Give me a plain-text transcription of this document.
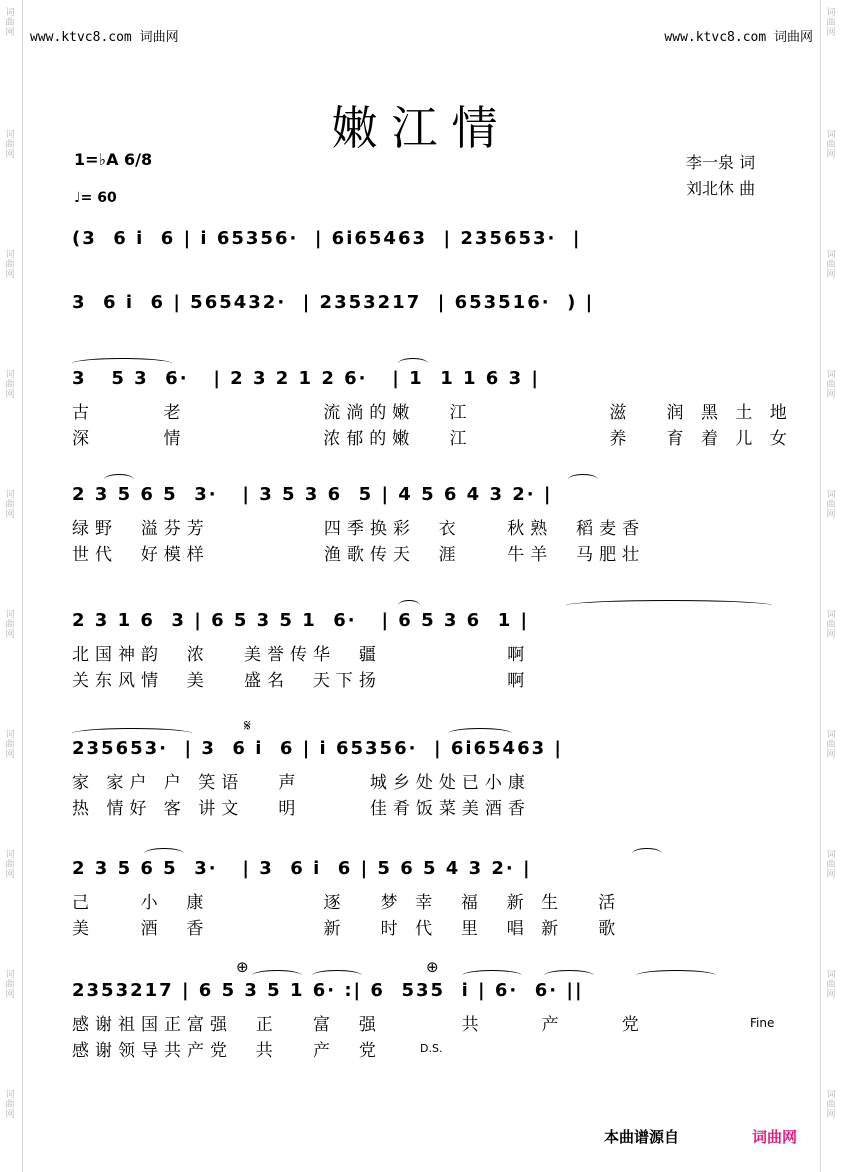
词曲网
词曲网
词曲网
词曲网
词曲网
词曲网
词曲网
词曲网
词曲网
词曲网
词曲网
词曲网
词曲网
词曲网
词曲网
词曲网
词曲网
词曲网
词曲网
词曲网
www.ktvc8.com 词曲网	www.ktvc8.com 词曲网
嫩江情
李一泉 词
刘北休 曲
1=♭A 6/8
♩= 60
(3  6 i  6 | i 65356·  | 6i65463  | 235653·  |
3  6 i  6 | 565432·  | 2353217  | 653516·  ) |
3   5 3  6·   | 2 3 2 1 2 6·   | 1  1 1 6 3 |
古      老            流淌的嫩   江            滋   润 黑 土 地
深      情            浓郁的嫩   江            养   育 着 儿 女
2 3 5 6 5  3·   | 3 5 3 6  5 | 4 5 6 4 3 2· |
绿野  溢芬芳          四季换彩  衣    秋熟  稻麦香
世代  好模样          渔歌传天  涯    牛羊  马肥壮
2 3 1 6  3 | 6 5 3 5 1  6·   | 6 5 3 6  1 |
北国神韵  浓   美誉传华  疆           啊
关东风情  美   盛名  天下扬           啊
235653·  | 3  6 i  6 | i 65356·  | 6i65463 |
𝄋
家 家户 户 笑语   声      城乡处处已小康
热 情好 客 讲文   明      佳肴饭菜美酒香
2 3 5 6 5  3·   | 3  6 i  6 | 5 6 5 4 3 2· |
己    小  康          逐   梦 幸  福  新 生   活
美    酒  香          新   时 代  里  唱 新   歌
2353217 | 6 5 3 5 1 6· :| 6  535  i | 6·  6· ||
⊕	⊕
感谢祖国正富强  正   富  强       共     产     党
感谢领导共产党  共   产  党	D.S.
Fine
本曲谱源自	词曲网
